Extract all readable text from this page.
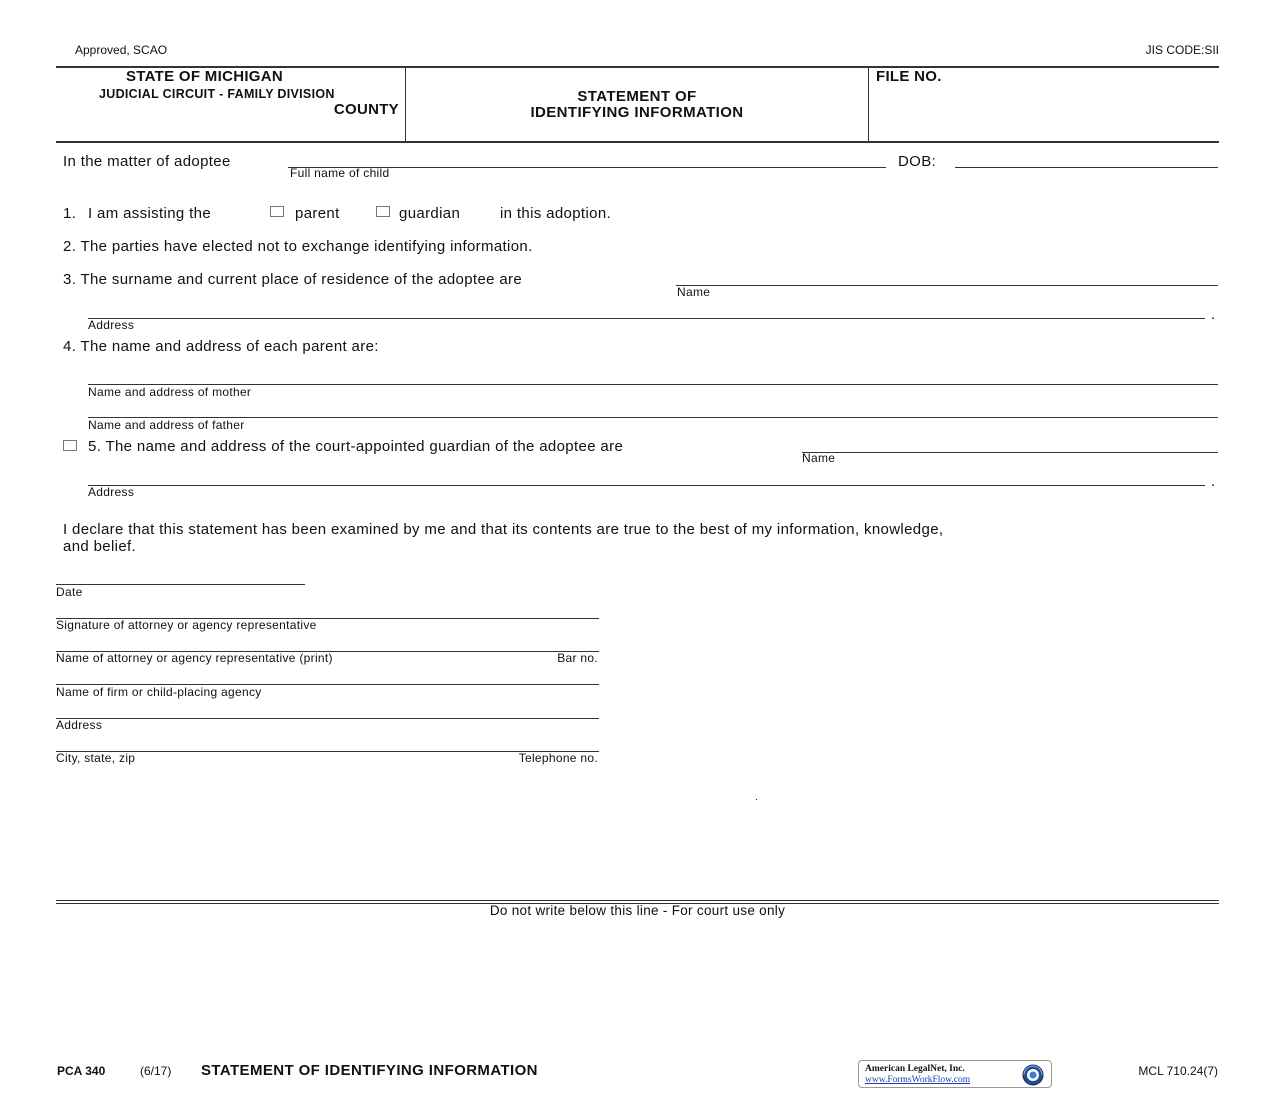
Approved, SCAO	JIS CODE:SII
STATE OF MICHIGAN
JUDICIAL CIRCUIT - FAMILY DIVISION
COUNTY
STATEMENT OF
IDENTIFYING INFORMATION
FILE NO.
In the matter of adoptee
Full name of child
DOB:
1. I am assisting the	parent	guardian	in this adoption.
2. The parties have elected not to exchange identifying information.
3. The surname and current place of residence of the adoptee are
Name
.
Address
4. The name and address of each parent are:
Name and address of mother
Name and address of father
5. The name and address of the court-appointed guardian of the adoptee are
Name
.
Address
I declare that this statement has been examined by me and that its contents are true to the best of my information, knowledge,
and belief.
Date
Signature of attorney or agency representative
Name of attorney or agency representative (print)	Bar no.
Name of firm or child-placing agency
Address
City, state, zip	Telephone no.
.
Do not write below this line - For court use only
PCA 340	(6/17) STATEMENT OF IDENTIFYING INFORMATION	American LegalNet, Inc.
www.FormsWorkFlow.com
MCL 710.24(7)
